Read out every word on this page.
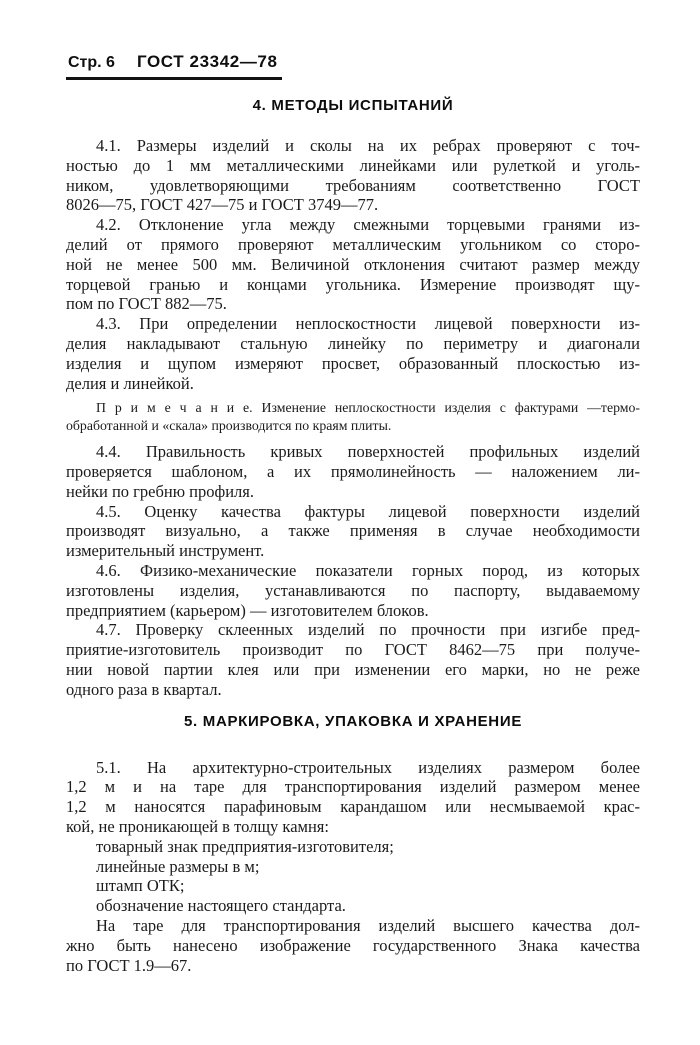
Стр. 6 ГОСТ 23342—78
4. МЕТОДЫ ИСПЫТАНИЙ
4.1. Размеры изделий и сколы на их ребрах проверяют с точ-
ностью до 1 мм металлическими линейками или рулеткой и уголь-
ником, удовлетворяющими требованиям соответственно ГОСТ
8026—75, ГОСТ 427—75 и ГОСТ 3749—77.
4.2. Отклонение угла между смежными торцевыми гранями из-
делий от прямого проверяют металлическим угольником со сторо-
ной не менее 500 мм. Величиной отклонения считают размер между
торцевой гранью и концами угольника. Измерение производят щу-
пом по ГОСТ 882—75.
4.3. При определении неплоскостности лицевой поверхности из-
делия накладывают стальную линейку по периметру и диагонали
изделия и щупом измеряют просвет, образованный плоскостью из-
делия и линейкой.
П р и м е ч а н и е. Изменение неплоскостности изделия с фактурами —термо-
обработанной и «скала» производится по краям плиты.
4.4. Правильность кривых поверхностей профильных изделий
проверяется шаблоном, а их прямолинейность — наложением ли-
нейки по гребню профиля.
4.5. Оценку качества фактуры лицевой поверхности изделий
производят визуально, а также применяя в случае необходимости
измерительный инструмент.
4.6. Физико-механические показатели горных пород, из которых
изготовлены изделия, устанавливаются по паспорту, выдаваемому
предприятием (карьером) — изготовителем блоков.
4.7. Проверку склеенных изделий по прочности при изгибе пред-
приятие-изготовитель производит по ГОСТ 8462—75 при получе-
нии новой партии клея или при изменении его марки, но не реже
одного раза в квартал.
5. МАРКИРОВКА, УПАКОВКА И ХРАНЕНИЕ
5.1. На архитектурно-строительных изделиях размером более
1,2 м и на таре для транспортирования изделий размером менее
1,2 м наносятся парафиновым карандашом или несмываемой крас-
кой, не проникающей в толщу камня:
товарный знак предприятия-изготовителя;
линейные размеры в м;
штамп ОТК;
обозначение настоящего стандарта.
На таре для транспортирования изделий высшего качества дол-
жно быть нанесено изображение государственного Знака качества
по ГОСТ 1.9—67.
